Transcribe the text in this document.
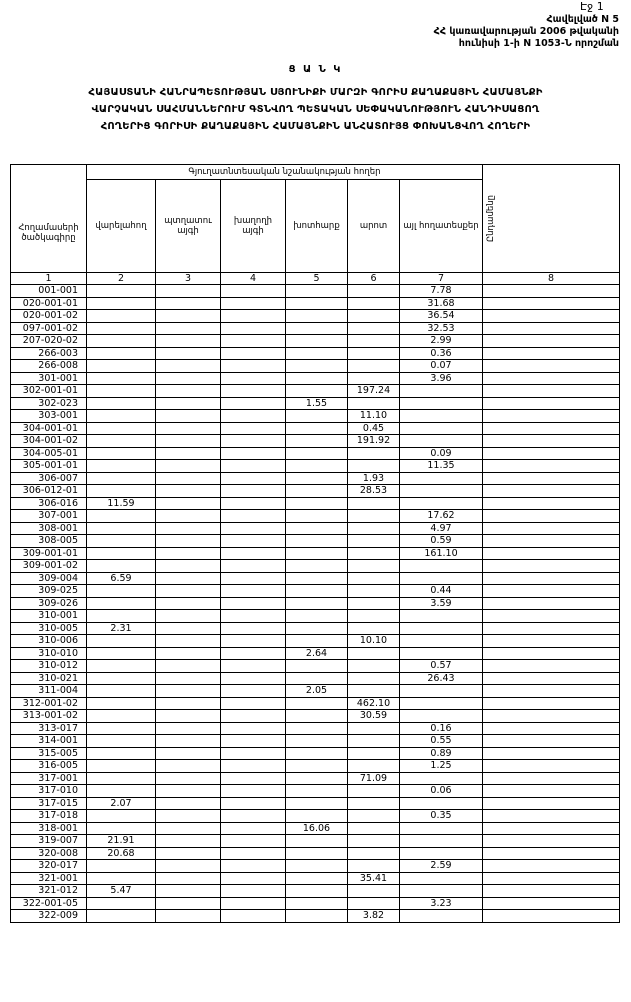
Էջ 1
Հավելված N 5
ՀՀ կառավարության 2006 թվականի
հունիսի 1-ի N 1053-Ն որոշման
Ց Ա Ն Կ
ՀԱՅԱՍՏԱՆԻ ՀԱՆՐԱՊԵՏՈՒԹՅԱՆ ՍՅՈՒՆԻՔԻ ՄԱՐԶԻ ԳՈՐԻՍ ՔԱՂԱՔԱՅԻՆ ՀԱՄԱՅՆՔԻ
ՎԱՐՉԱԿԱՆ ՍԱՀՄԱՆՆԵՐՈՒՄ ԳՏՆՎՈՂ ՊԵՏԱԿԱՆ ՍԵՓԱԿԱՆՈՒԹՅՈՒՆ ՀԱՆԴԻՍԱՑՈՂ
ՀՈՂԵՐԻՑ ԳՈՐԻՍԻ ՔԱՂԱՔԱՅԻՆ ՀԱՄԱՅՆՔԻՆ ԱՆՀԱՏՈՒՅՑ ՓՈԽԱՆՑՎՈՂ ՀՈՂԵՐԻ
	Գյուղատնտեսական նշանակության հողեր						Ընդամենը

	վարելահող	պտղատու այգի	խաղողի այգի	խոտհարք	արոտ	այլ հողատեսքեր	
Հողամասերի ծածկագիրը							
1	2	3	4	5	6	7	8
001-001						7.78	
020-001-01						31.68	
020-001-02						36.54	
097-001-02						32.53	
207-020-02						2.99	
266-003						0.36	
266-008						0.07	
301-001						3.96	
302-001-01					197.24		
302-023				1.55			
303-001					11.10		
304-001-01					0.45		
304-001-02					191.92		
304-005-01						0.09	
305-001-01						11.35	
306-007					1.93		
306-012-01					28.53		
306-016	11.59						
307-001						17.62	
308-001						4.97	
308-005						0.59	
309-001-01						161.10	
309-001-02							
309-004	6.59						
309-025						0.44	
309-026						3.59	
310-001							
310-005	2.31						
310-006					10.10		
310-010				2.64			
310-012						0.57	
310-021						26.43	
311-004				2.05			
312-001-02					462.10		
313-001-02					30.59		
313-017						0.16	
314-001						0.55	
315-005						0.89	
316-005						1.25	
317-001					71.09		
317-010						0.06	
317-015	2.07						
317-018						0.35	
318-001				16.06			
319-007	21.91						
320-008	20.68						
320-017						2.59	
321-001					35.41		
321-012	5.47						
322-001-05						3.23	
322-009					3.82		
